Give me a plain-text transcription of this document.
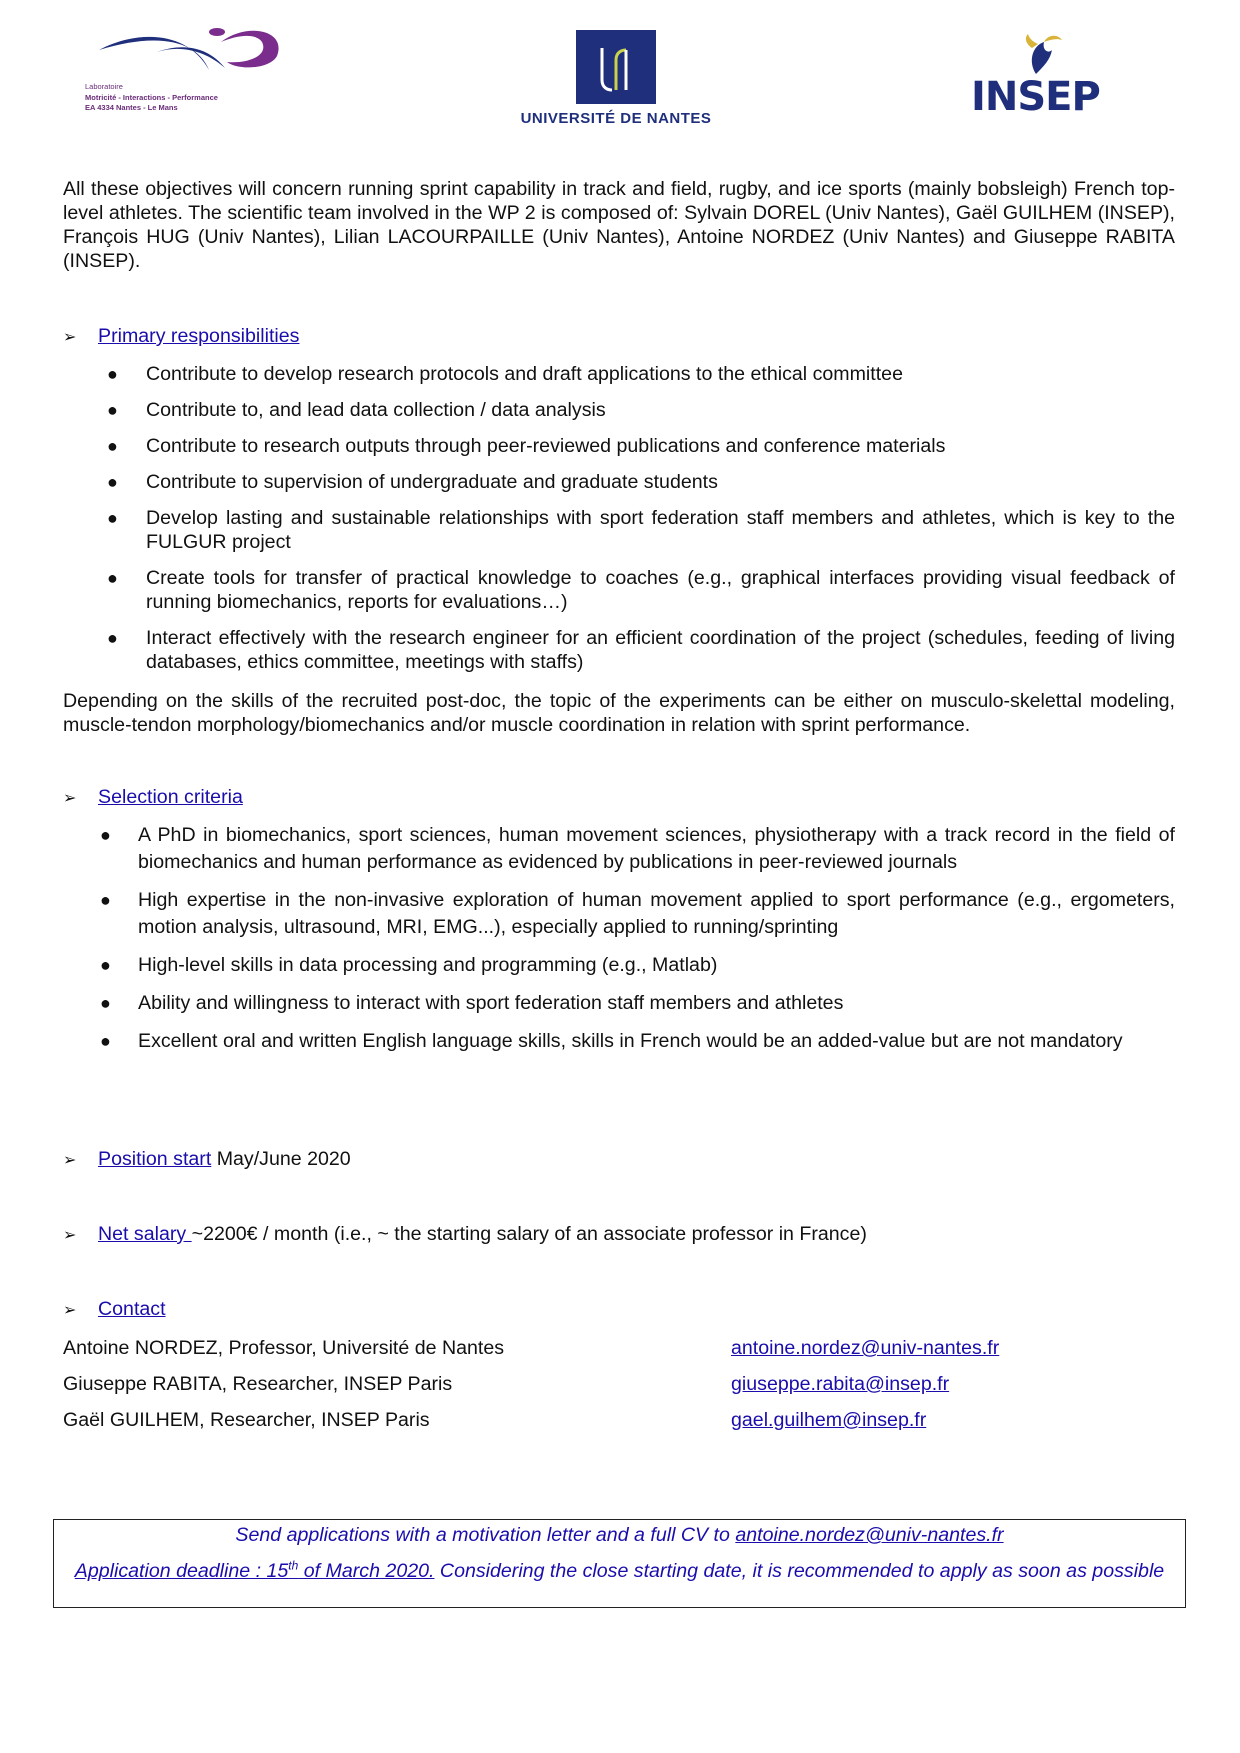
Laboratoire
Motricité - Interactions - Performance
EA 4334 Nantes - Le Mans
UNIVERSITÉ DE NANTES	INSEP
All these objectives will concern running sprint capability in track and field, rugby, and ice sports (mainly bobsleigh) French top-level athletes. The scientific team involved in the WP 2 is composed of: Sylvain DOREL (Univ Nantes), Gaël GUILHEM (INSEP), François HUG (Univ Nantes), Lilian LACOURPAILLE (Univ Nantes), Antoine NORDEZ (Univ Nantes) and Giuseppe RABITA (INSEP).
➢ Primary responsibilities
● Contribute to develop research protocols and draft applications to the ethical committee
● Contribute to, and lead data collection / data analysis
● Contribute to research outputs through peer-reviewed publications and conference materials
● Contribute to supervision of undergraduate and graduate students
● Develop lasting and sustainable relationships with sport federation staff members and athletes, which is key to the FULGUR project
● Create tools for transfer of practical knowledge to coaches (e.g., graphical interfaces providing visual feedback of running biomechanics, reports for evaluations…)
● Interact effectively with the research engineer for an efficient coordination of the project (schedules, feeding of living databases, ethics committee, meetings with staffs)
Depending on the skills of the recruited post-doc, the topic of the experiments can be either on musculo-skelettal modeling, muscle-tendon morphology/biomechanics and/or muscle coordination in relation with sprint performance.
➢ Selection criteria
● A PhD in biomechanics, sport sciences, human movement sciences, physiotherapy with a track record in the field of biomechanics and human performance as evidenced by publications in peer-reviewed journals
● High expertise in the non-invasive exploration of human movement applied to sport performance (e.g., ergometers, motion analysis, ultrasound, MRI, EMG...), especially applied to running/sprinting
● High-level skills in data processing and programming (e.g., Matlab)
● Ability and willingness to interact with sport federation staff members and athletes
● Excellent oral and written English language skills, skills in French would be an added-value but are not mandatory
➢ Position start May/June 2020
➢ Net salary ~2200€ / month (i.e., ~ the starting salary of an associate professor in France)
➢ Contact
Antoine NORDEZ, Professor, Université de Nantes	antoine.nordez@univ-nantes.fr
Giuseppe RABITA, Researcher, INSEP Paris	giuseppe.rabita@insep.fr
Gaël GUILHEM, Researcher, INSEP Paris	gael.guilhem@insep.fr
Send applications with a motivation letter and a full CV to antoine.nordez@univ-nantes.fr
Application deadline : 15th of March 2020. Considering the close starting date, it is recommended to apply as soon as possible
